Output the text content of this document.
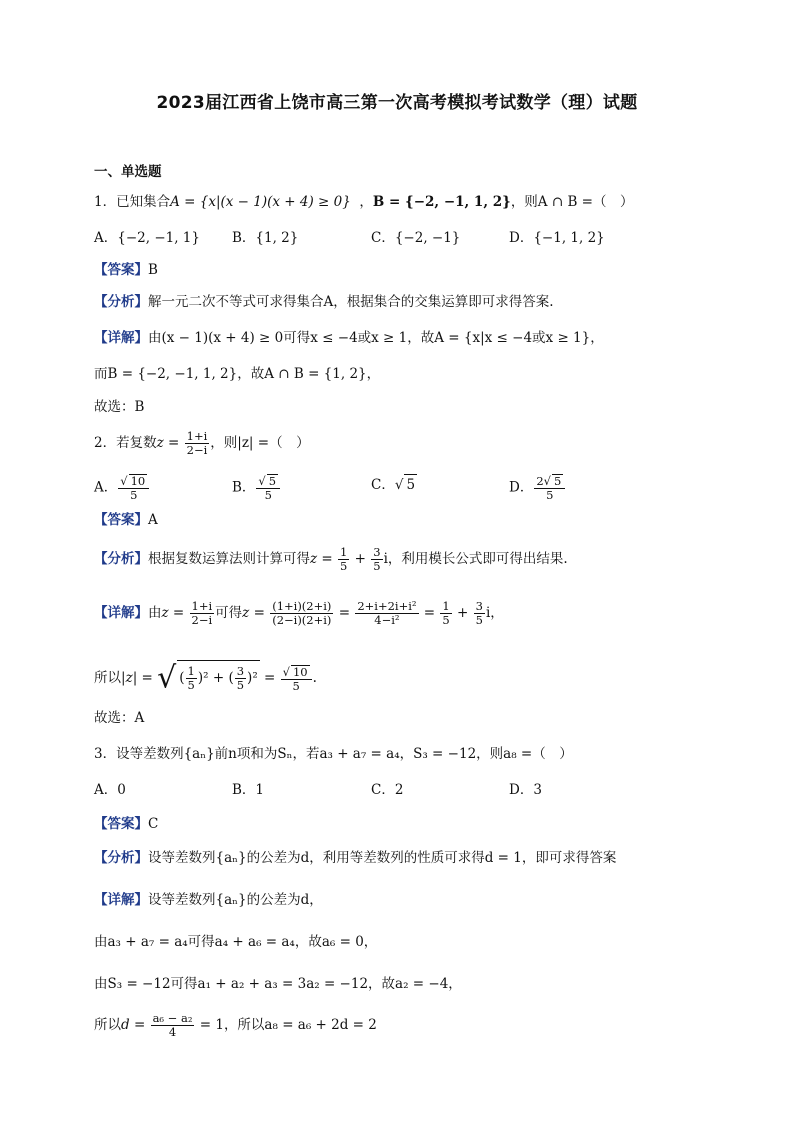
2023届江西省上饶市高三第一次高考模拟考试数学（理）试题
一、单选题
1．已知集合A = {x|(x − 1)(x + 4) ≥ 0}  ，B = {−2, −1, 1, 2}，则A ∩ B =（　）
A．{−2, −1, 1} B．{1, 2}	C．{−2, −1}	D．{−1, 1, 2}
【答案】B
【分析】解一元二次不等式可求得集合A，根据集合的交集运算即可求得答案.
【详解】由(x − 1)(x + 4) ≥ 0可得x ≤ −4或x ≥ 1，故A = {x|x ≤ −4或x ≥ 1}，
而B = {−2, −1, 1, 2}，故A ∩ B = {1, 2}，
故选：B
2．若复数$z = \frac{1+i}{2-i}$ ，则|z| =（　）
A． $\frac{√ 10}{5}$	B． $\frac{√ 5}{5}$	C．√ 5	D． $\frac{2√ 5}{5}$
【答案】A
【分析】根据复数运算法则计算可得$z = \frac{1}{5} + \frac{3}{5}$ i，利用模长公式即可得出结果.
【详解】由$z = \frac{1+i}{2-i}$ 可得$z = \frac{(1+i)(2+i)}{(2-i)(2+i)} = \frac{\text{2+i+2i+i²}}{\text{4−i²}} = \frac{1}{5} + \frac{3}{5}$ i，
所以|z| = √ ( $\frac{1}{5} )^2$ + ( $\frac{3}{5} )^2 = \frac{√ 10}{5}$ .
故选：A
3．设等差数列{aₙ}前n项和为Sₙ，若a₃ + a₇ = a₄，S₃ = −12，则a₈ =（　）
A．0	B．1	C．2	D．3
【答案】C
【分析】设等差数列{aₙ}的公差为d，利用等差数列的性质可求得d = 1，即可求得答案
【详解】设等差数列{aₙ}的公差为d，
由a₃ + a₇ = a₄可得a₄ + a₆ = a₄，故a₆ = 0，
由S₃ = −12可得a₁ + a₂ + a₃ = 3a₂ = −12，故a₂ = −4，
所以$d = \frac{\text{a₆ − a₂}}{4} = 1$，所以a₈ = a₆ + 2d = 2
